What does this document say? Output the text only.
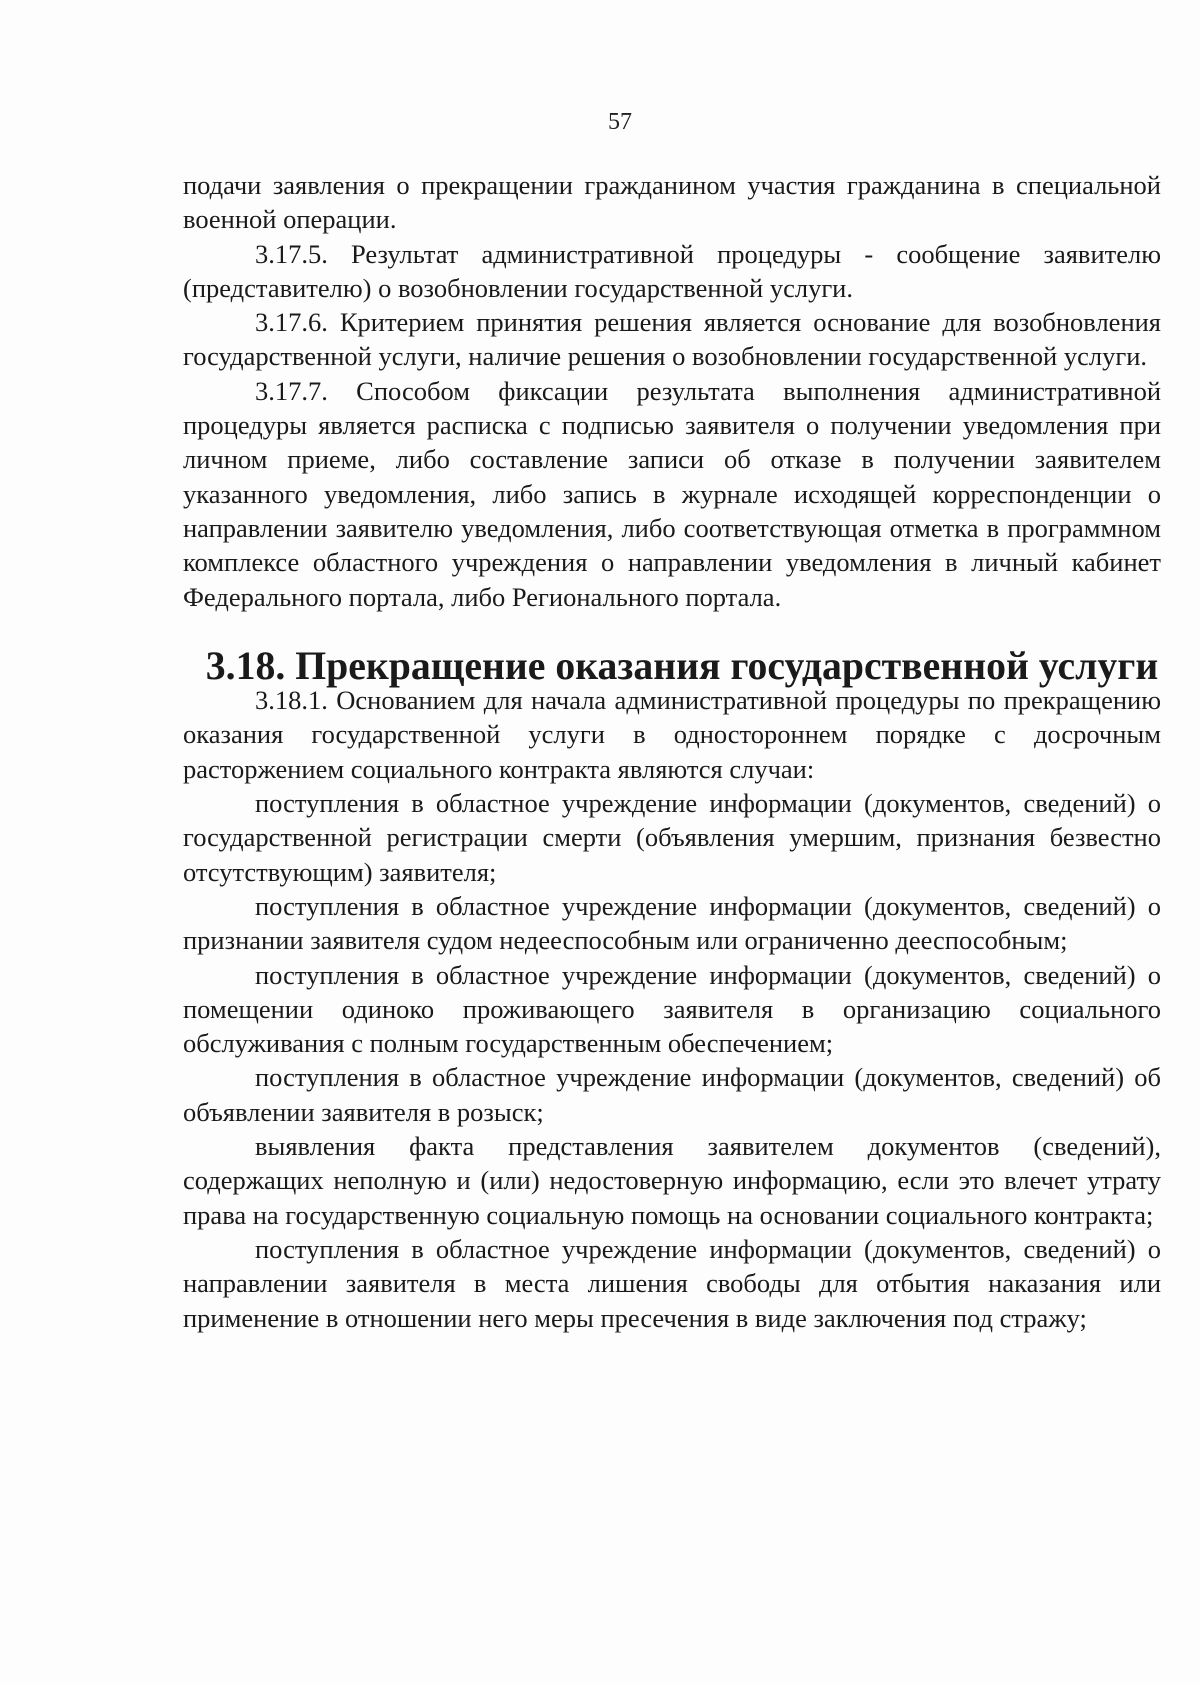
57

подачи заявления о прекращении гражданином участия гражданина в специальной военной операции.

3.17.5. Результат административной процедуры - сообщение заявителю (представителю) о возобновлении государственной услуги.

3.17.6. Критерием принятия решения является основание для возобновления государственной услуги, наличие решения о возобновлении государственной услуги.

3.17.7. Способом фиксации результата выполнения административной процедуры является расписка с подписью заявителя о получении уведомления при личном приеме, либо составление записи об отказе в получении заявителем указанного уведомления, либо запись в журнале исходящей корреспонденции о направлении заявителю уведомления, либо соответствующая отметка в программном комплексе областного учреждения о направлении уведомления в личный кабинет Федерального портала, либо Регионального портала.

3.18. Прекращение оказания государственной услуги

3.18.1. Основанием для начала административной процедуры по прекращению оказания государственной услуги в одностороннем порядке с досрочным расторжением социального контракта являются случаи:

поступления в областное учреждение информации (документов, сведений) о государственной регистрации смерти (объявления умершим, признания безвестно отсутствующим) заявителя;

поступления в областное учреждение информации (документов, сведений) о признании заявителя судом недееспособным или ограниченно дееспособным;

поступления в областное учреждение информации (документов, сведений) о помещении одиноко проживающего заявителя в организацию социального обслуживания с полным государственным обеспечением;

поступления в областное учреждение информации (документов, сведений) об объявлении заявителя в розыск;

выявления факта представления заявителем документов (сведений), содержащих неполную и (или) недостоверную информацию, если это влечет утрату права на государственную социальную помощь на основании социального контракта;

поступления в областное учреждение информации (документов, сведений) о направлении заявителя в места лишения свободы для отбытия наказания или применение в отношении него меры пресечения в виде заключения под стражу;
